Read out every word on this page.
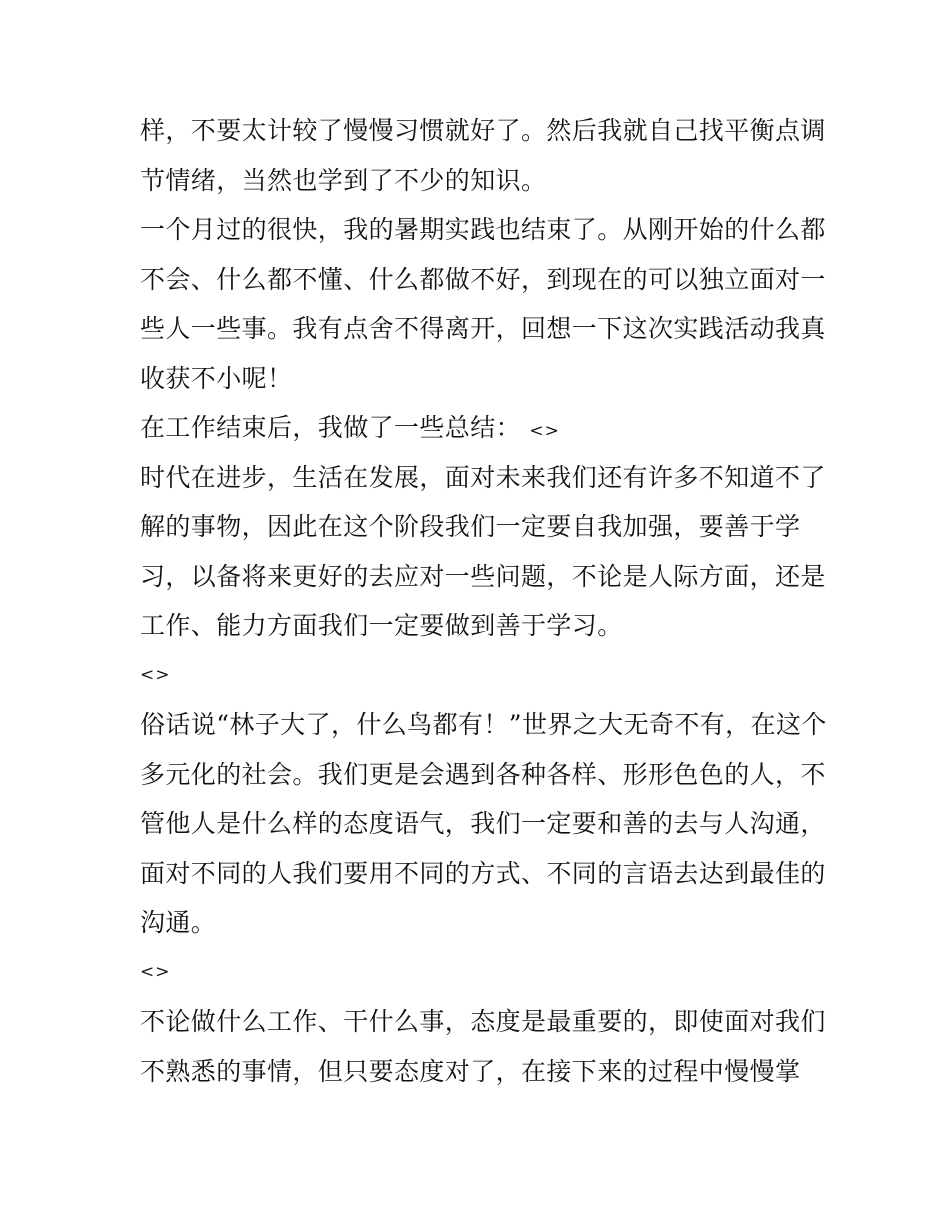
样，不要太计较了慢慢习惯就好了。然后我就自己找平衡点调
节情绪，当然也学到了不少的知识。
一个月过的很快，我的暑期实践也结束了。从刚开始的什么都
不会、什么都不懂、什么都做不好，到现在的可以独立面对一
些人一些事。我有点舍不得离开，回想一下这次实践活动我真
收获不小呢！
在工作结束后，我做了一些总结： <>
时代在进步，生活在发展，面对未来我们还有许多不知道不了
解的事物，因此在这个阶段我们一定要自我加强，要善于学
习，以备将来更好的去应对一些问题，不论是人际方面，还是
工作、能力方面我们一定要做到善于学习。
<>
俗话说“林子大了，什么鸟都有！”世界之大无奇不有，在这个
多元化的社会。我们更是会遇到各种各样、形形色色的人，不
管他人是什么样的态度语气，我们一定要和善的去与人沟通，
面对不同的人我们要用不同的方式、不同的言语去达到最佳的
沟通。
<>
不论做什么工作、干什么事，态度是最重要的，即使面对我们
不熟悉的事情，但只要态度对了，在接下来的过程中慢慢掌
